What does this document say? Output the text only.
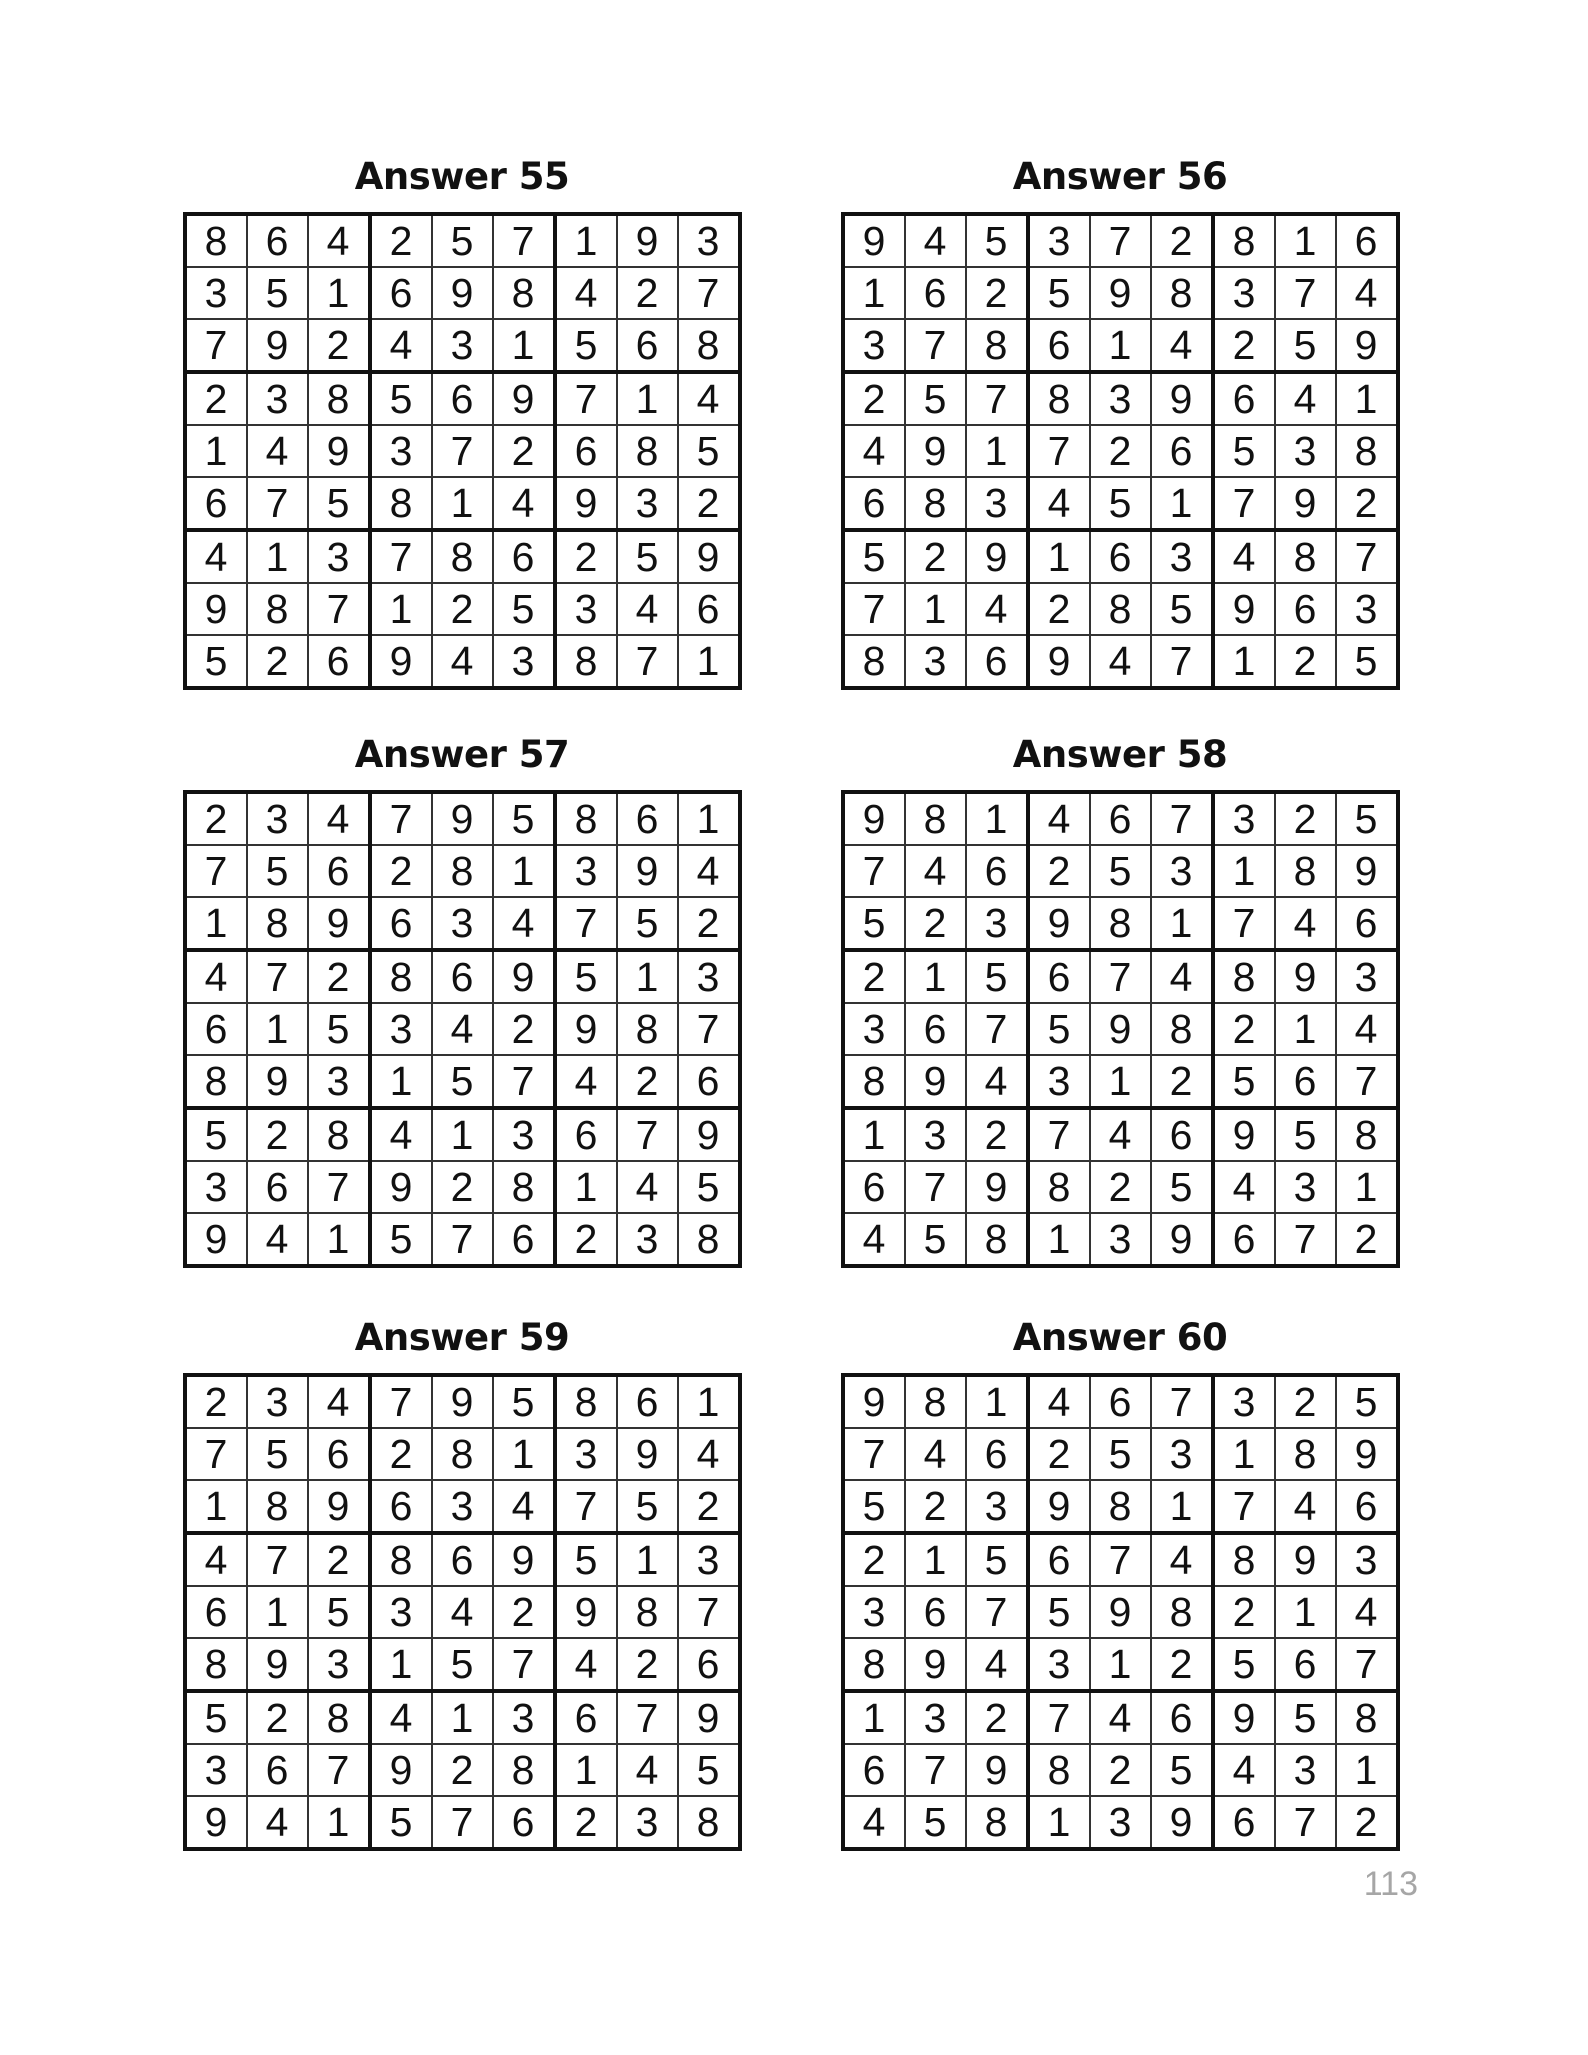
Answer 55
8	6	4	2	5	7	1	9	3
3	5	1	6	9	8	4	2	7
7	9	2	4	3	1	5	6	8
2	3	8	5	6	9	7	1	4
1	4	9	3	7	2	6	8	5
6	7	5	8	1	4	9	3	2
4	1	3	7	8	6	2	5	9
9	8	7	1	2	5	3	4	6
5	2	6	9	4	3	8	7	1
Answer 56
9	4	5	3	7	2	8	1	6
1	6	2	5	9	8	3	7	4
3	7	8	6	1	4	2	5	9
2	5	7	8	3	9	6	4	1
4	9	1	7	2	6	5	3	8
6	8	3	4	5	1	7	9	2
5	2	9	1	6	3	4	8	7
7	1	4	2	8	5	9	6	3
8	3	6	9	4	7	1	2	5
Answer 57
2	3	4	7	9	5	8	6	1
7	5	6	2	8	1	3	9	4
1	8	9	6	3	4	7	5	2
4	7	2	8	6	9	5	1	3
6	1	5	3	4	2	9	8	7
8	9	3	1	5	7	4	2	6
5	2	8	4	1	3	6	7	9
3	6	7	9	2	8	1	4	5
9	4	1	5	7	6	2	3	8
Answer 58
9	8	1	4	6	7	3	2	5
7	4	6	2	5	3	1	8	9
5	2	3	9	8	1	7	4	6
2	1	5	6	7	4	8	9	3
3	6	7	5	9	8	2	1	4
8	9	4	3	1	2	5	6	7
1	3	2	7	4	6	9	5	8
6	7	9	8	2	5	4	3	1
4	5	8	1	3	9	6	7	2
Answer 59
2	3	4	7	9	5	8	6	1
7	5	6	2	8	1	3	9	4
1	8	9	6	3	4	7	5	2
4	7	2	8	6	9	5	1	3
6	1	5	3	4	2	9	8	7
8	9	3	1	5	7	4	2	6
5	2	8	4	1	3	6	7	9
3	6	7	9	2	8	1	4	5
9	4	1	5	7	6	2	3	8
Answer 60
9	8	1	4	6	7	3	2	5
7	4	6	2	5	3	1	8	9
5	2	3	9	8	1	7	4	6
2	1	5	6	7	4	8	9	3
3	6	7	5	9	8	2	1	4
8	9	4	3	1	2	5	6	7
1	3	2	7	4	6	9	5	8
6	7	9	8	2	5	4	3	1
4	5	8	1	3	9	6	7	2
113
